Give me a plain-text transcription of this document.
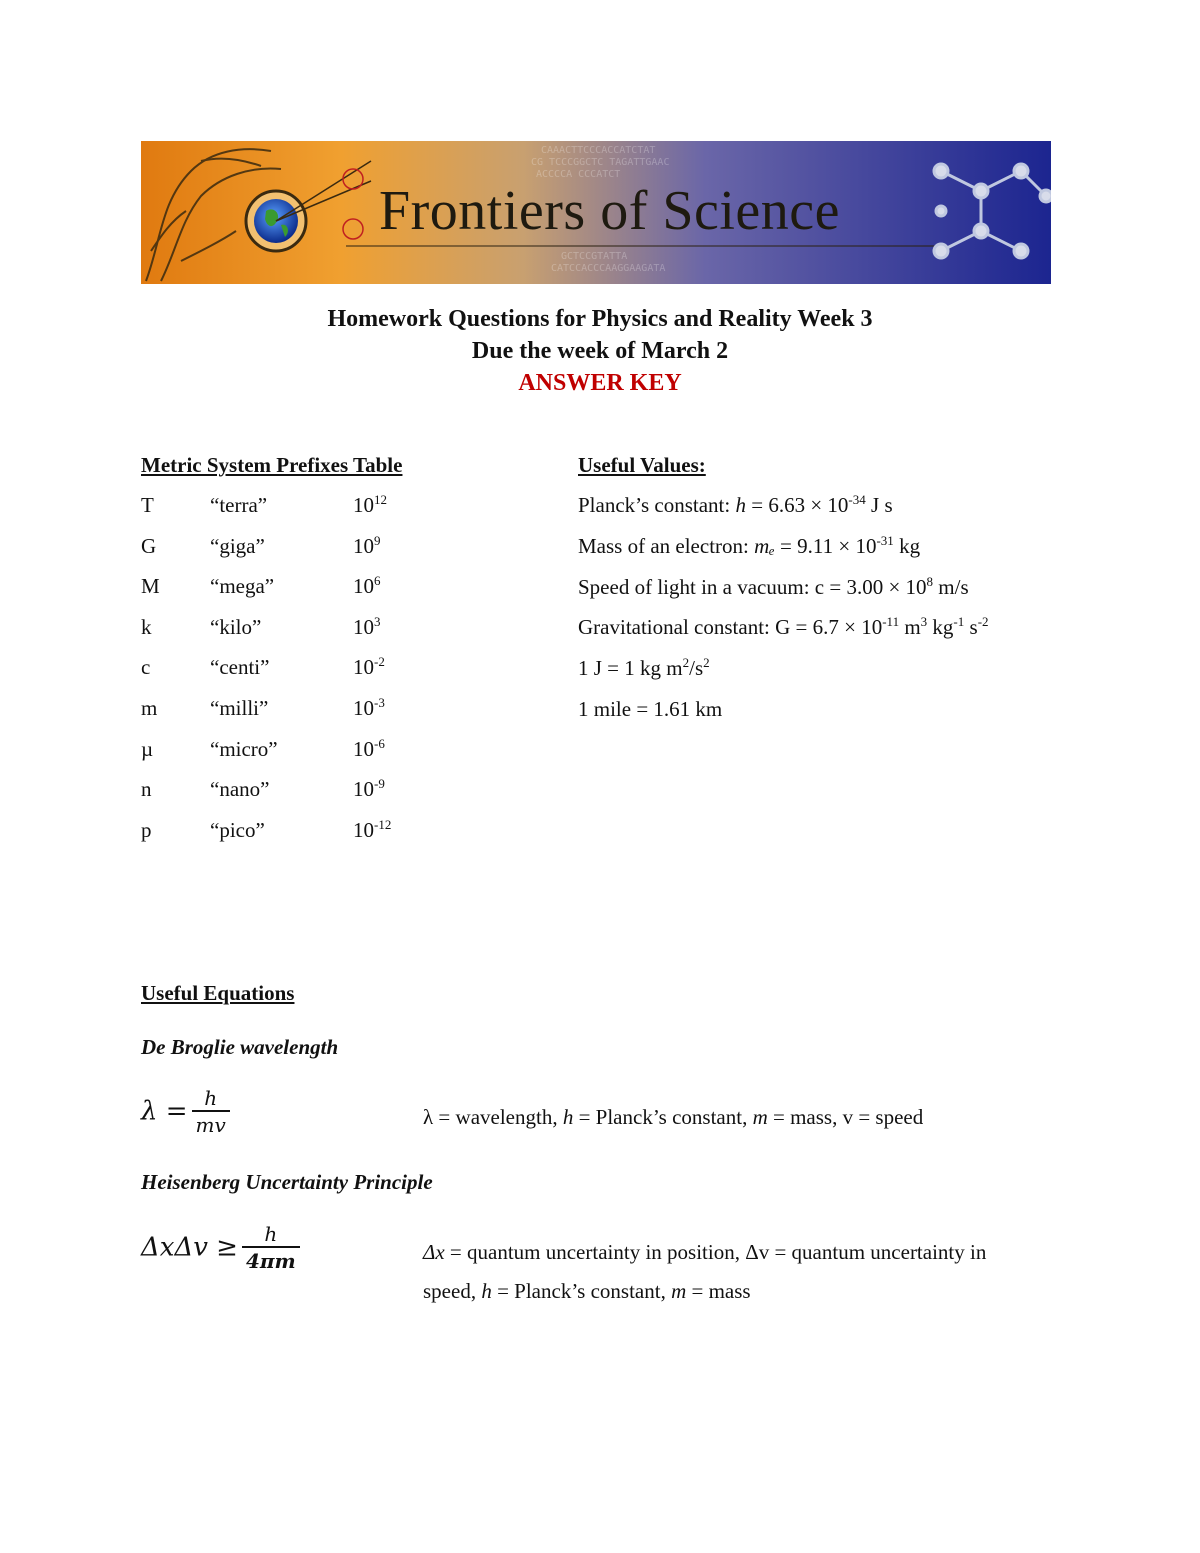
CAAACTTCCCACCATCTAT
CG TCCCGGCTC TAGATTGAAC
ACCCCA CCCATCT
GCTCCGTATTA
CATCCACCCAAGGAAGATA
Frontiers of Science
Homework Questions for Physics and Reality Week 3
Due the week of March 2
ANSWER KEY
Metric System Prefixes Table
T	“terra”	$10^{12}$
G	“giga”	$10^9$
M “mega”	$10^6$
k	“kilo”	$10^3$
c	“centi”	$10^{-2}$
m	“milli”	$10^{-3}$
µ	“micro”	$10^{-6}$
n	“nano”	$10^{-9}$
p	“pico”	$10^{-12}$
Useful Values:
Planck’s constant: $h = 6.63 \times 10^{-34}$ J s
Mass of an electron: $m_e = 9.11 \times 10^{-31}$ kg
Speed of light in a vacuum: $c = 3.00 \times 10^8$ m/s
Gravitational constant: $G = 6.7 \times 10^{-11}$ $m^3$ $kg^{-1}$ $s^{-2}$
1 J = 1 kg $m^2/s^2$
1 mile = 1.61 km
Useful Equations
De Broglie wavelength
$\lambda = \frac{h}{mv}$	λ = wavelength, h = Planck’s constant, m = mass, v = speed
Heisenberg Uncertainty Principle
$\Delta x\Delta v \ge \frac{h}{4\pi m}$	Δx = quantum uncertainty in position, Δv = quantum uncertainty in
speed, h = Planck’s constant, m = mass
